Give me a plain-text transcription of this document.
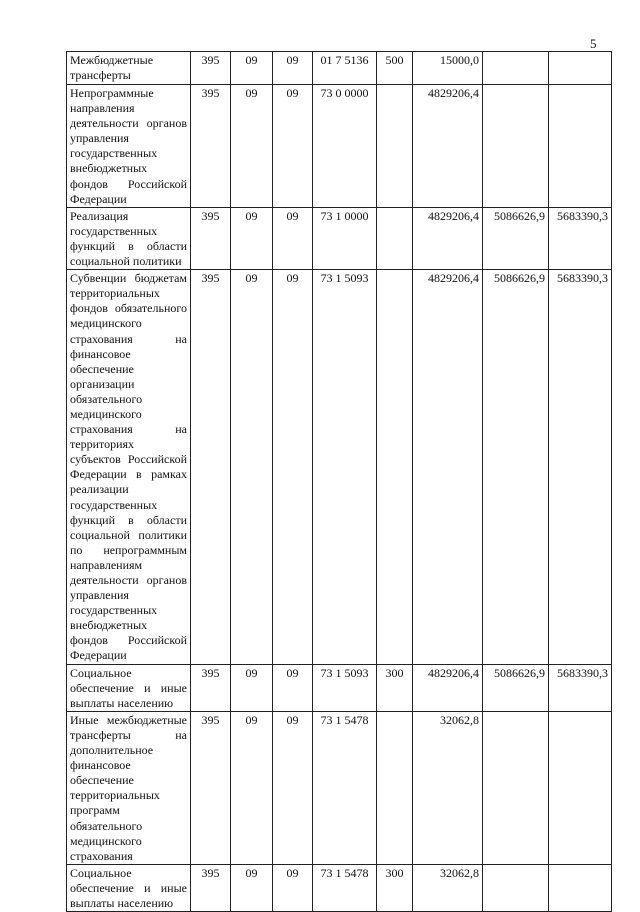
5
Межбюджетные трансферты	395	09	09	01 7 5136	500	15000,0		
Непрограммные направления деятельности органов управления государственных внебюджетных фондов Российской Федерации	395	09	09	73 0 0000		4829206,4		
Реализация государственных функций в области социальной политики	395	09	09	73 1 0000		4829206,4	5086626,9	5683390,3
Субвенции бюджетам территориальных фондов обязательного медицинского страхования на финансовое обеспечение организации обязательного медицинского страхования на территориях субъектов Российской Федерации в рамках реализации государственных функций в области социальной политики по непрограммным направлениям деятельности органов управления государственных внебюджетных фондов Российской Федерации	395	09	09	73 1 5093		4829206,4	5086626,9	5683390,3
Социальное обеспечение и иные выплаты населению	395	09	09	73 1 5093	300	4829206,4	5086626,9	5683390,3
Иные межбюджетные трансферты на дополнительное финансовое обеспечение территориальных программ обязательного медицинского страхования	395	09	09	73 1 5478		32062,8		
Социальное обеспечение и иные выплаты населению	395	09	09	73 1 5478	300	32062,8		
